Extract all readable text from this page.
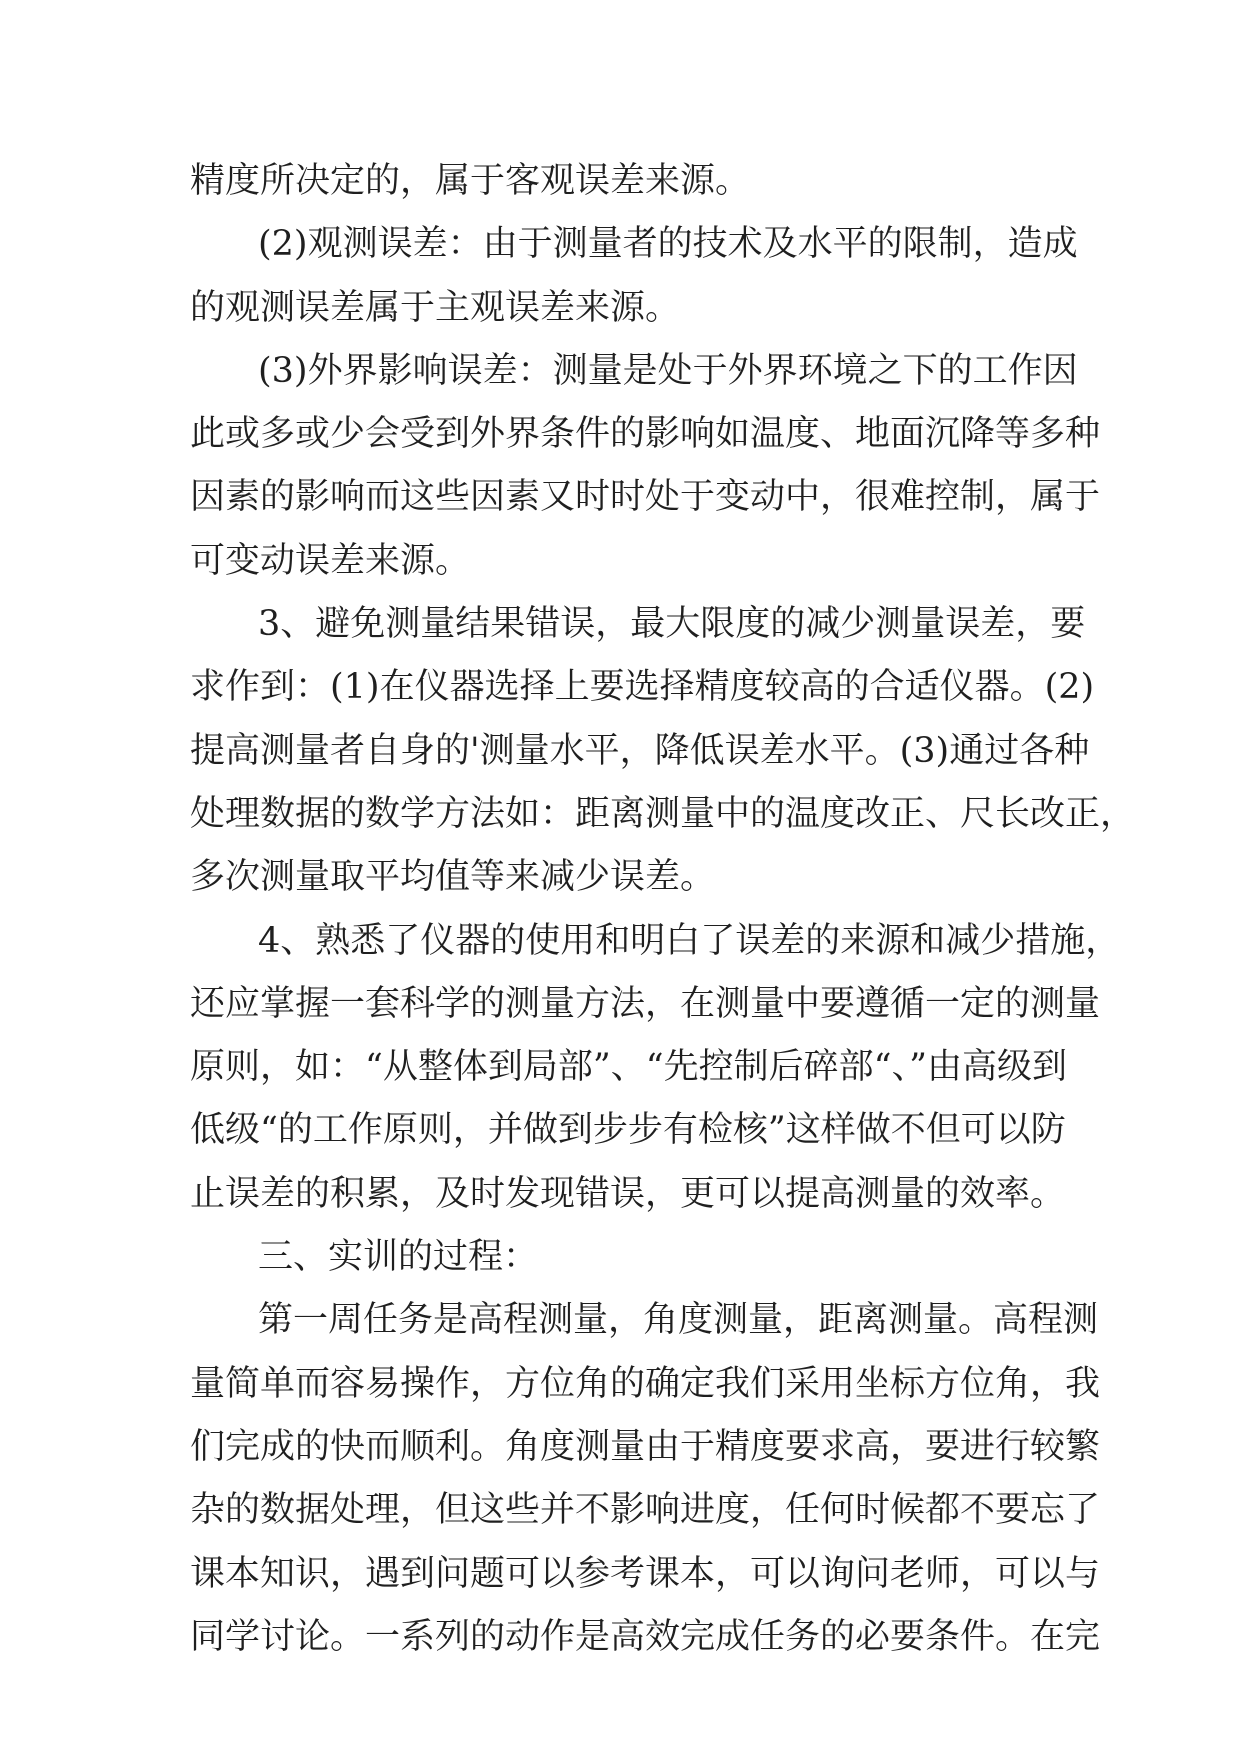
精度所决定的，属于客观误差来源。
(2)观测误差：由于测量者的技术及水平的限制，造成
的观测误差属于主观误差来源。
(3)外界影响误差：测量是处于外界环境之下的工作因
此或多或少会受到外界条件的影响如温度、地面沉降等多种
因素的影响而这些因素又时时处于变动中，很难控制，属于
可变动误差来源。
3、避免测量结果错误，最大限度的减少测量误差，要
求作到：(1)在仪器选择上要选择精度较高的合适仪器。(2)
提高测量者自身的'测量水平，降低误差水平。(3)通过各种
处理数据的数学方法如：距离测量中的温度改正、尺长改正，
多次测量取平均值等来减少误差。
4、熟悉了仪器的使用和明白了误差的来源和减少措施，
还应掌握一套科学的测量方法，在测量中要遵循一定的测量
原则，如：“从整体到局部”、“先控制后碎部“、”由高级到
低级“的工作原则，并做到步步有检核”这样做不但可以防
止误差的积累，及时发现错误，更可以提高测量的效率。
三、实训的过程：
第一周任务是高程测量，角度测量，距离测量。高程测
量简单而容易操作，方位角的确定我们采用坐标方位角，我
们完成的快而顺利。角度测量由于精度要求高，要进行较繁
杂的数据处理，但这些并不影响进度，任何时候都不要忘了
课本知识，遇到问题可以参考课本，可以询问老师，可以与
同学讨论。一系列的动作是高效完成任务的必要条件。在完
